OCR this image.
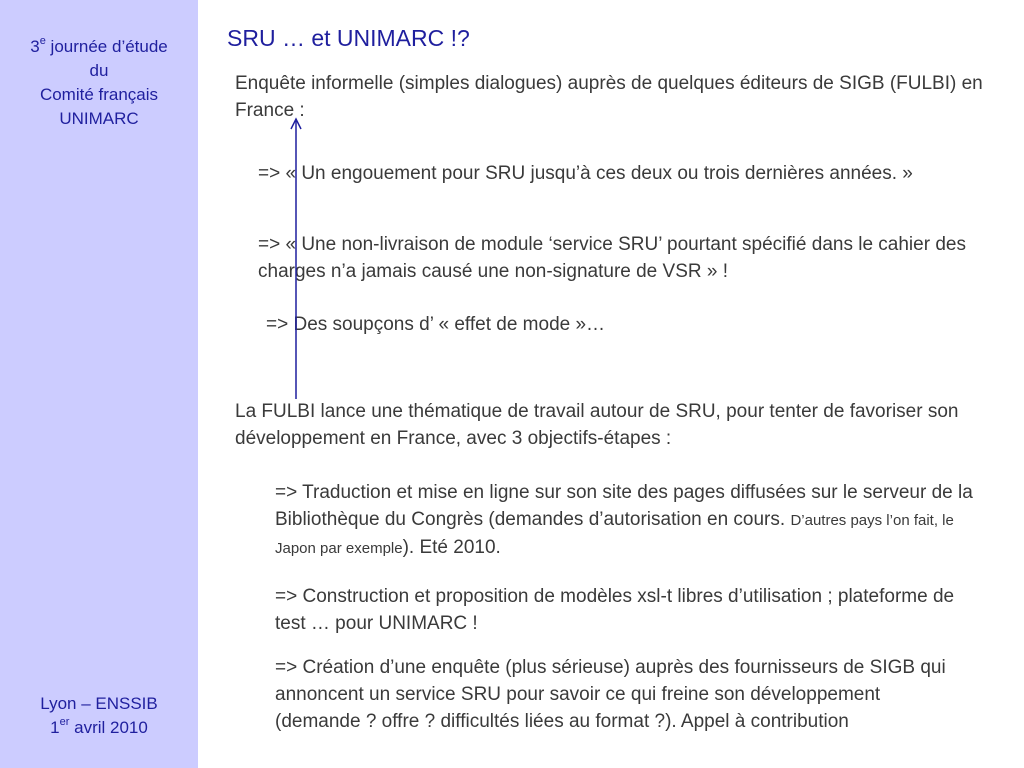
3e journée d’étude
du
Comité français
UNIMARC
Lyon – ENSSIB
1er avril 2010
SRU … et UNIMARC !?

Enquête informelle (simples dialogues) auprès de quelques éditeurs de SIGB (FULBI) en France :

=> « Un engouement pour SRU jusqu’à ces deux ou trois dernières années. »

=> « Une non-livraison de module ‘service SRU’ pourtant spécifié dans le cahier des charges n’a jamais causé une non-signature de VSR » !

=> Des soupçons d’ « effet de mode »…

La FULBI lance une thématique de travail autour de SRU, pour tenter de favoriser son développement en France, avec 3 objectifs-étapes :

=> Traduction et mise en ligne sur son site des pages diffusées sur le serveur de la Bibliothèque du Congrès (demandes d’autorisation en cours. D’autres pays l’on fait, le Japon par exemple). Eté 2010.

=> Construction et proposition de modèles xsl-t libres d’utilisation ; plateforme de test … pour UNIMARC !

=> Création d’une enquête (plus sérieuse) auprès des fournisseurs de SIGB qui annoncent un service SRU pour savoir ce qui freine son développement
(demande ? offre ? difficultés liées au format ?). Appel à contribution
